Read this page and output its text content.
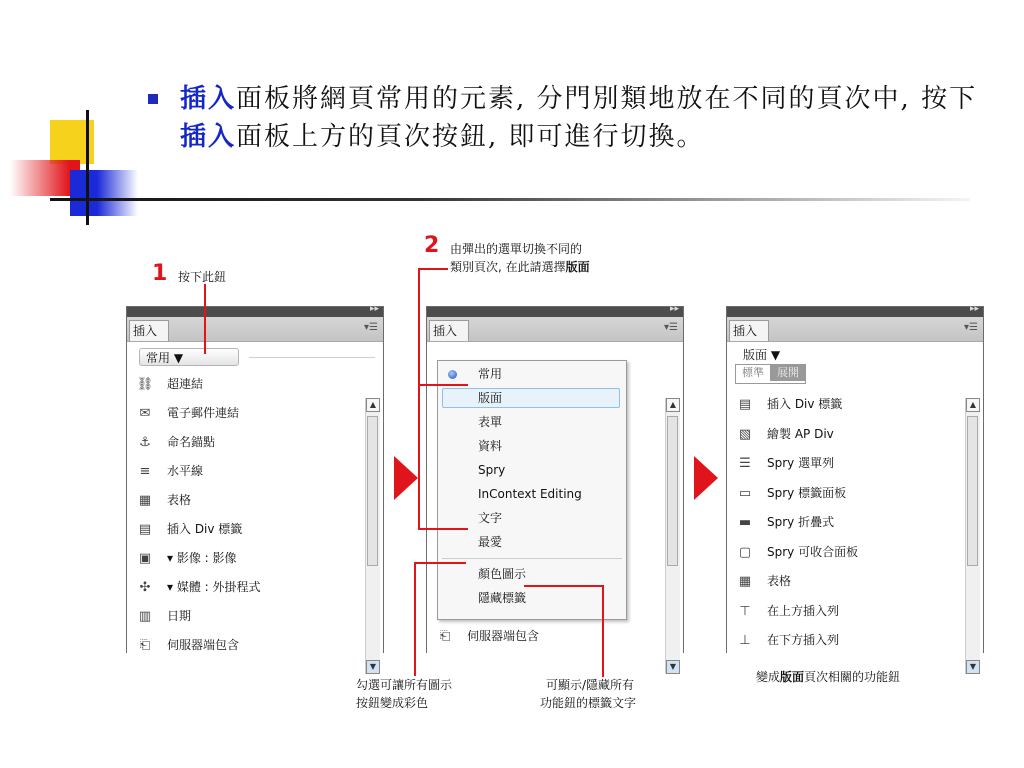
插入面板將網頁常用的元素, 分門別類地放在不同的頁次中, 按下插入面板上方的頁次按鈕, 即可進行切換。
▸▸
插入	▾☰
常用 ▼
⛓ 超連結
✉ 電子郵件連結
⚓ 命名錨點
≡ 水平線
▦ 表格
▤ 插入 Div 標籤
▣ ▾ 影像 : 影像
✣ ▾ 媒體 : 外掛程式
▥ 日期
⎗ 伺服器端包含
▲
▼
▸▸
插入	▾☰
⎗ 伺服器端包含
▲
▼
常用
版面
表單
資料
Spry
InContext Editing
文字
最愛
顏色圖示
隱藏標籤
▸▸
插入	▾☰
版面 ▼
標準 展開
▤ 插入 Div 標籤
▧ 繪製 AP Div
☰ Spry 選單列
▭ Spry 標籤面板
▬ Spry 折疊式
▢ Spry 可收合面板
▦ 表格
⊤ 在上方插入列
⊥ 在下方插入列
▲
▼
1 按下此鈕
2 由彈出的選單切換不同的
類別頁次, 在此請選擇版面
勾選可讓所有圖示
按鈕變成彩色
可顯示/隱藏所有
功能鈕的標籤文字
變成版面頁次相關的功能鈕
